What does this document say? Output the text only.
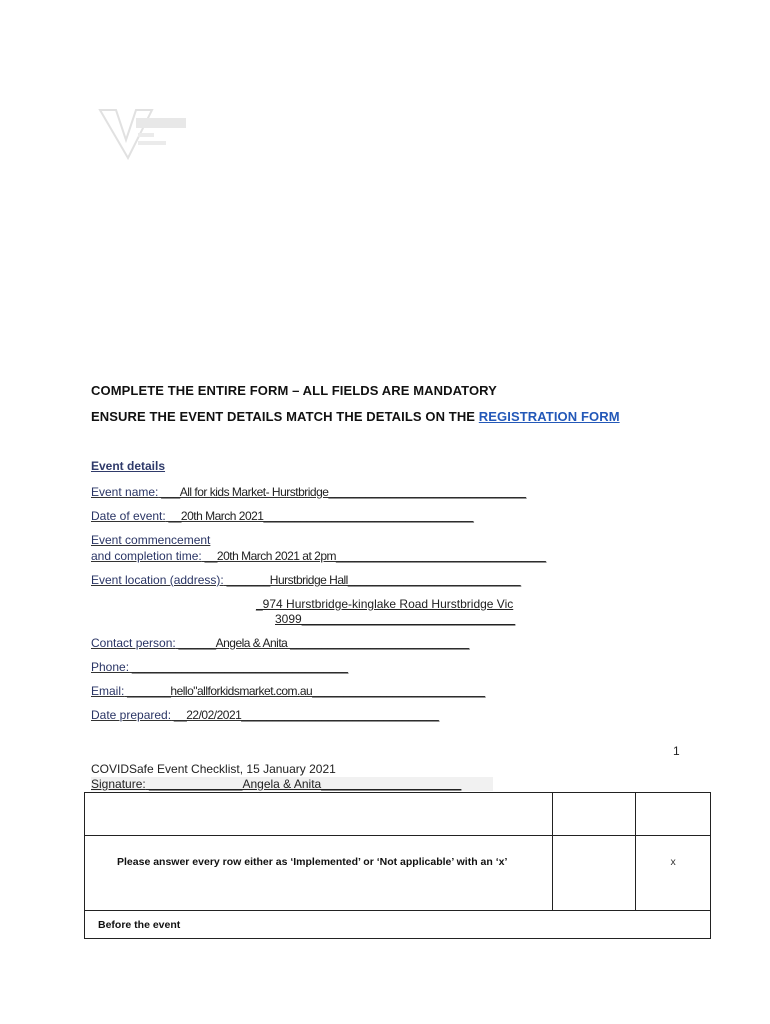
COMPLETE THE ENTIRE FORM – ALL FIELDS ARE MANDATORY
ENSURE THE EVENT DETAILS MATCH THE DETAILS ON THE REGISTRATION FORM
Event details
Event name: ___All for kids Market- Hurstbridge________________________________
Date of event: __20th March 2021__________________________________
Event commencement
and completion time: __20th March 2021 at 2pm__________________________________
Event location (address): _______Hurstbridge Hall____________________________
_974 Hurstbridge-kinglake Road Hurstbridge Vic
3099________________________________
Contact person: ______Angela & Anita _____________________________
Phone: ___________________________________
Email: _______hello"allforkidsmarket.com.au____________________________
Date prepared: __22/02/2021________________________________
1
COVIDSafe Event Checklist, 15 January 2021
Signature: ______________Angela & Anita_____________________

Please answer every row either as ‘Implemented’ or ‘Not applicable’ with an ‘x’		x
Before the event		
